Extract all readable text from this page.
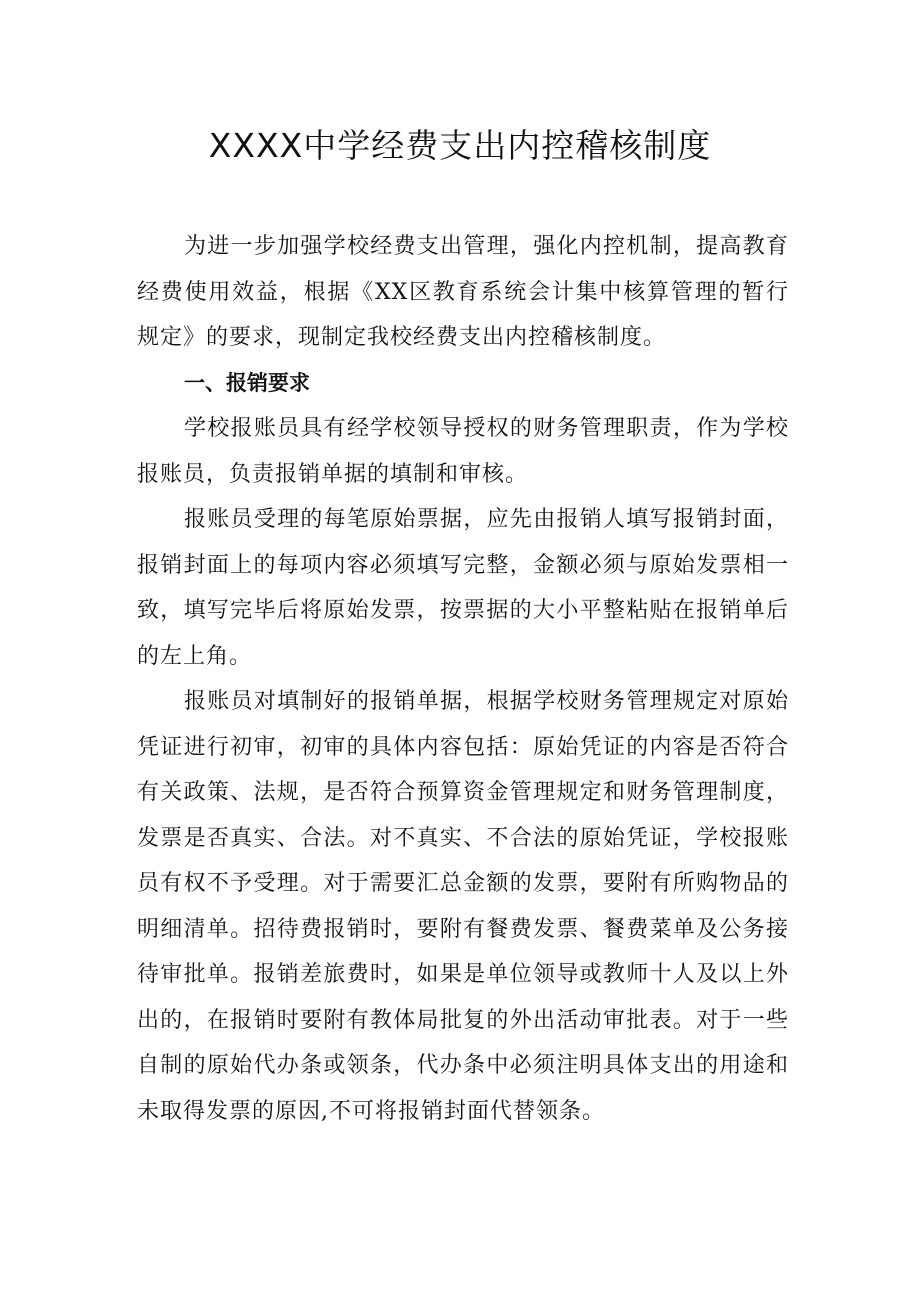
XXXX中学经费支出内控稽核制度

为进一步加强学校经费支出管理，强化内控机制，提高教育经费使用效益，根据《XX区教育系统会计集中核算管理的暂行规定》的要求，现制定我校经费支出内控稽核制度。

一、报销要求

学校报账员具有经学校领导授权的财务管理职责，作为学校报账员，负责报销单据的填制和审核。

报账员受理的每笔原始票据，应先由报销人填写报销封面，报销封面上的每项内容必须填写完整，金额必须与原始发票相一致，填写完毕后将原始发票，按票据的大小平整粘贴在报销单后的左上角。

报账员对填制好的报销单据，根据学校财务管理规定对原始凭证进行初审，初审的具体内容包括：原始凭证的内容是否符合有关政策、法规，是否符合预算资金管理规定和财务管理制度，发票是否真实、合法。对不真实、不合法的原始凭证，学校报账员有权不予受理。对于需要汇总金额的发票，要附有所购物品的明细清单。招待费报销时，要附有餐费发票、餐费菜单及公务接待审批单。报销差旅费时，如果是单位领导或教师十人及以上外出的，在报销时要附有教体局批复的外出活动审批表。对于一些自制的原始代办条或领条，代办条中必须注明具体支出的用途和未取得发票的原因,不可将报销封面代替领条。
